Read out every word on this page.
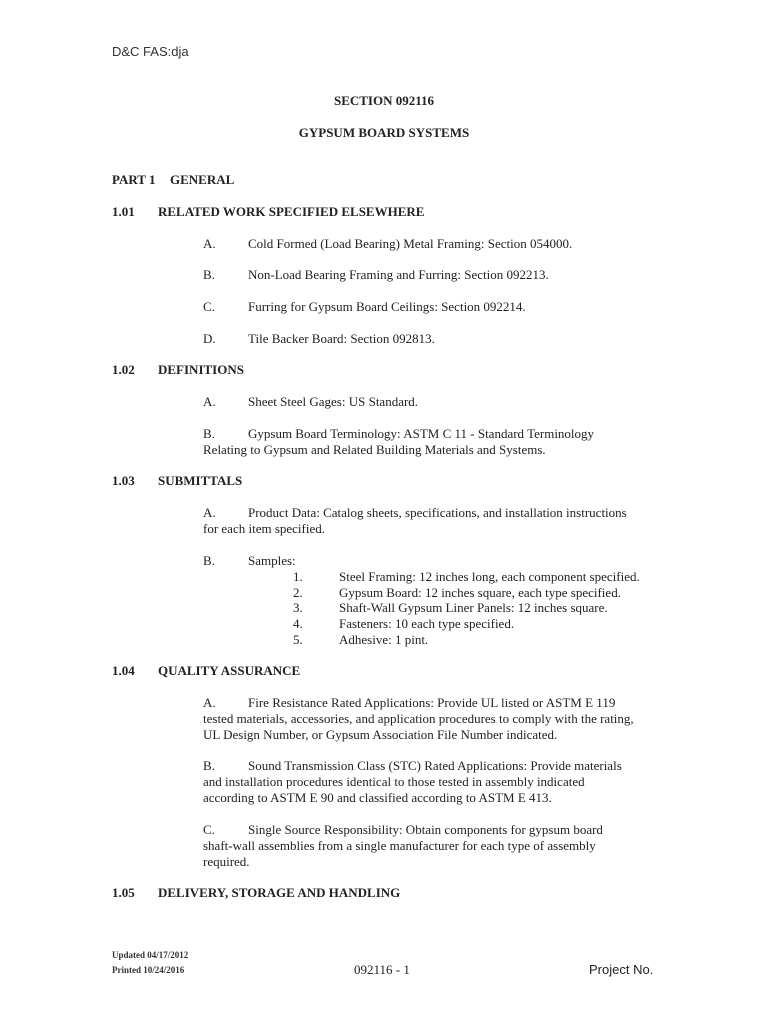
D&C FAS:dja
SECTION 092116
GYPSUM BOARD SYSTEMS
PART 1 GENERAL
1.01 RELATED WORK SPECIFIED ELSEWHERE
A. Cold Formed (Load Bearing) Metal Framing: Section 054000.
B.	Non-Load Bearing Framing and Furring: Section 092213.
C.	Furring for Gypsum Board Ceilings: Section 092214.
D. Tile Backer Board: Section 092813.
1.02 DEFINITIONS
A. Sheet Steel Gages: US Standard.
B.	Gypsum Board Terminology: ASTM C 11 - Standard Terminology
Relating to Gypsum and Related Building Materials and Systems.
1.03 SUBMITTALS
A. Product Data: Catalog sheets, specifications, and installation instructions
for each item specified.
B.	Samples:
1.	Steel Framing: 12 inches long, each component specified.
2.	Gypsum Board: 12 inches square, each type specified.
3.	Shaft-Wall Gypsum Liner Panels: 12 inches square.
4.	Fasteners: 10 each type specified.
5.	Adhesive: 1 pint.
1.04 QUALITY ASSURANCE
A. Fire Resistance Rated Applications: Provide UL listed or ASTM E 119
tested materials, accessories, and application procedures to comply with the rating,
UL Design Number, or Gypsum Association File Number indicated.
B.	Sound Transmission Class (STC) Rated Applications: Provide materials
and installation procedures identical to those tested in assembly indicated
according to ASTM E 90 and classified according to ASTM E 413.
C.	Single Source Responsibility: Obtain components for gypsum board
shaft-wall assemblies from a single manufacturer for each type of assembly
required.
1.05 DELIVERY, STORAGE AND HANDLING
Updated 04/17/2012
Printed 10/24/2016	092116 - 1	Project No.
